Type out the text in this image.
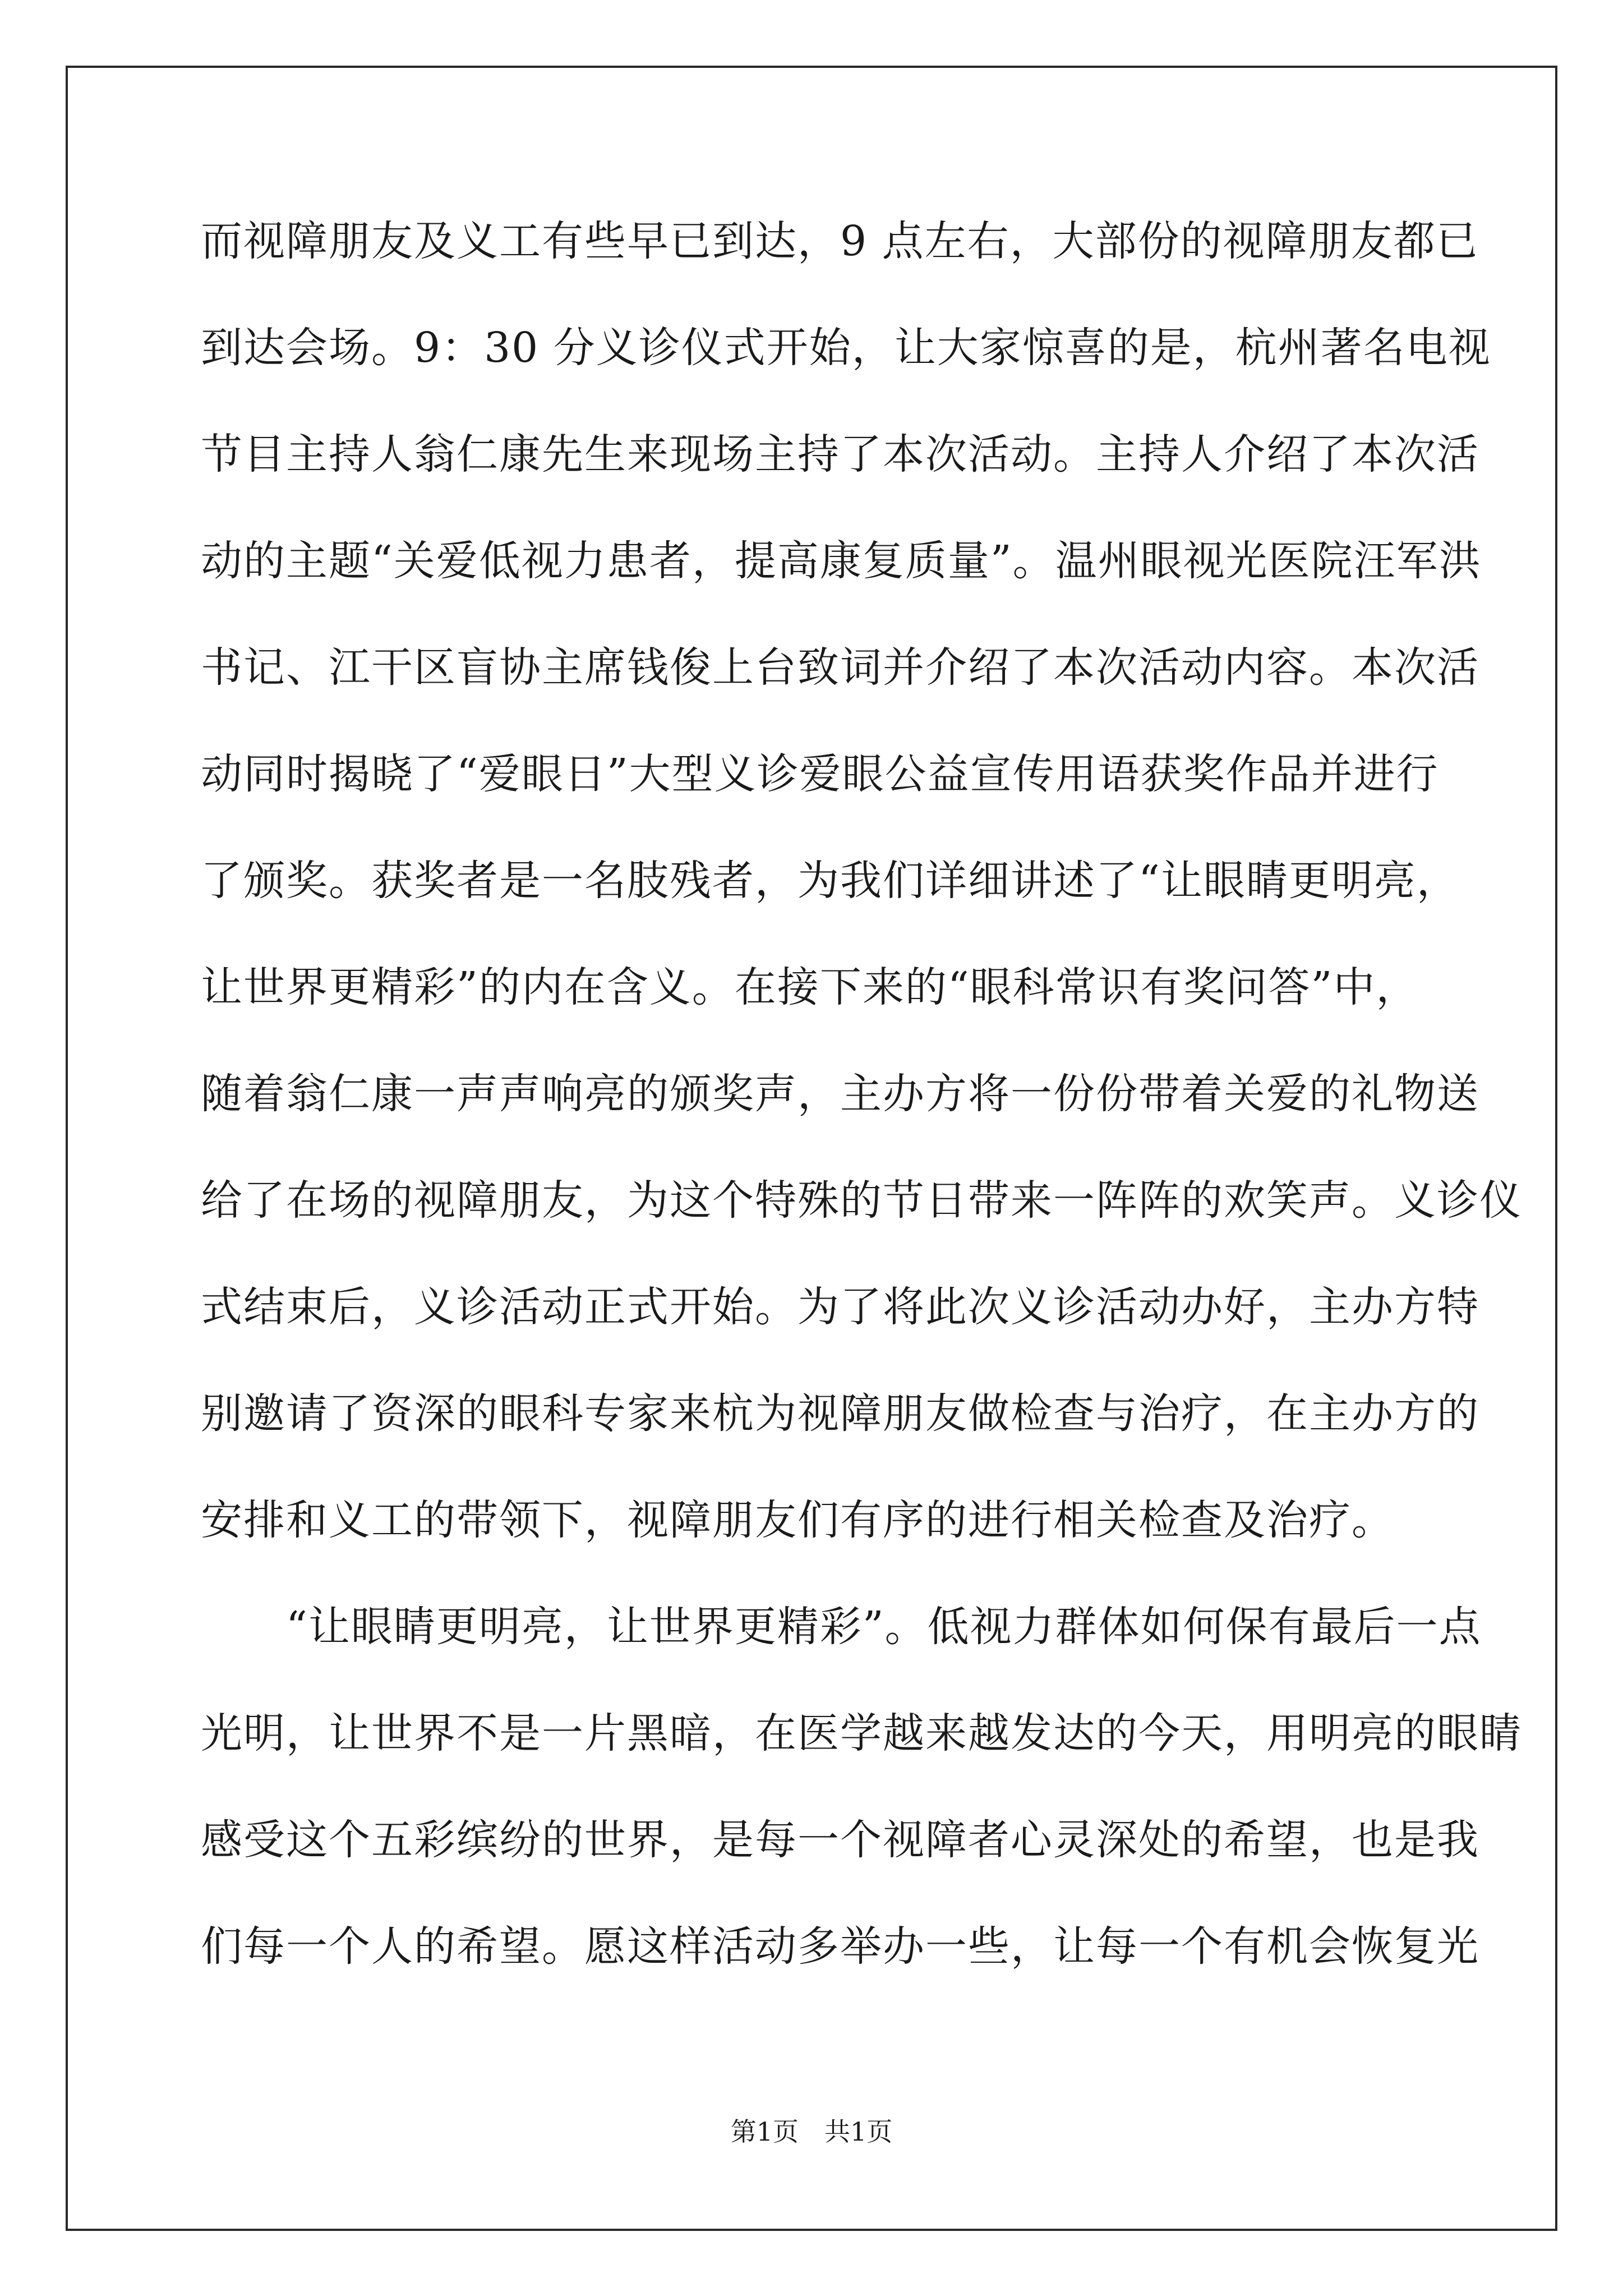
而视障朋友及义工有些早已到达，9 点左右，大部份的视障朋友都已
到达会场。9：30 分义诊仪式开始，让大家惊喜的是，杭州著名电视
节目主持人翁仁康先生来现场主持了本次活动。主持人介绍了本次活
动的主题“关爱低视力患者，提高康复质量”。温州眼视光医院汪军洪
书记、江干区盲协主席钱俊上台致词并介绍了本次活动内容。本次活
动同时揭晓了“爱眼日”大型义诊爱眼公益宣传用语获奖作品并进行
了颁奖。获奖者是一名肢残者，为我们详细讲述了“让眼睛更明亮，
让世界更精彩”的内在含义。在接下来的“眼科常识有奖问答”中，
随着翁仁康一声声响亮的颁奖声，主办方将一份份带着关爱的礼物送
给了在场的视障朋友，为这个特殊的节日带来一阵阵的欢笑声。义诊仪
式结束后，义诊活动正式开始。为了将此次义诊活动办好，主办方特
别邀请了资深的眼科专家来杭为视障朋友做检查与治疗，在主办方的
安排和义工的带领下，视障朋友们有序的进行相关检查及治疗。
　　“让眼睛更明亮，让世界更精彩”。低视力群体如何保有最后一点
光明，让世界不是一片黑暗，在医学越来越发达的今天，用明亮的眼睛
感受这个五彩缤纷的世界，是每一个视障者心灵深处的希望，也是我
们每一个人的希望。愿这样活动多举办一些，让每一个有机会恢复光
第1页　共1页
